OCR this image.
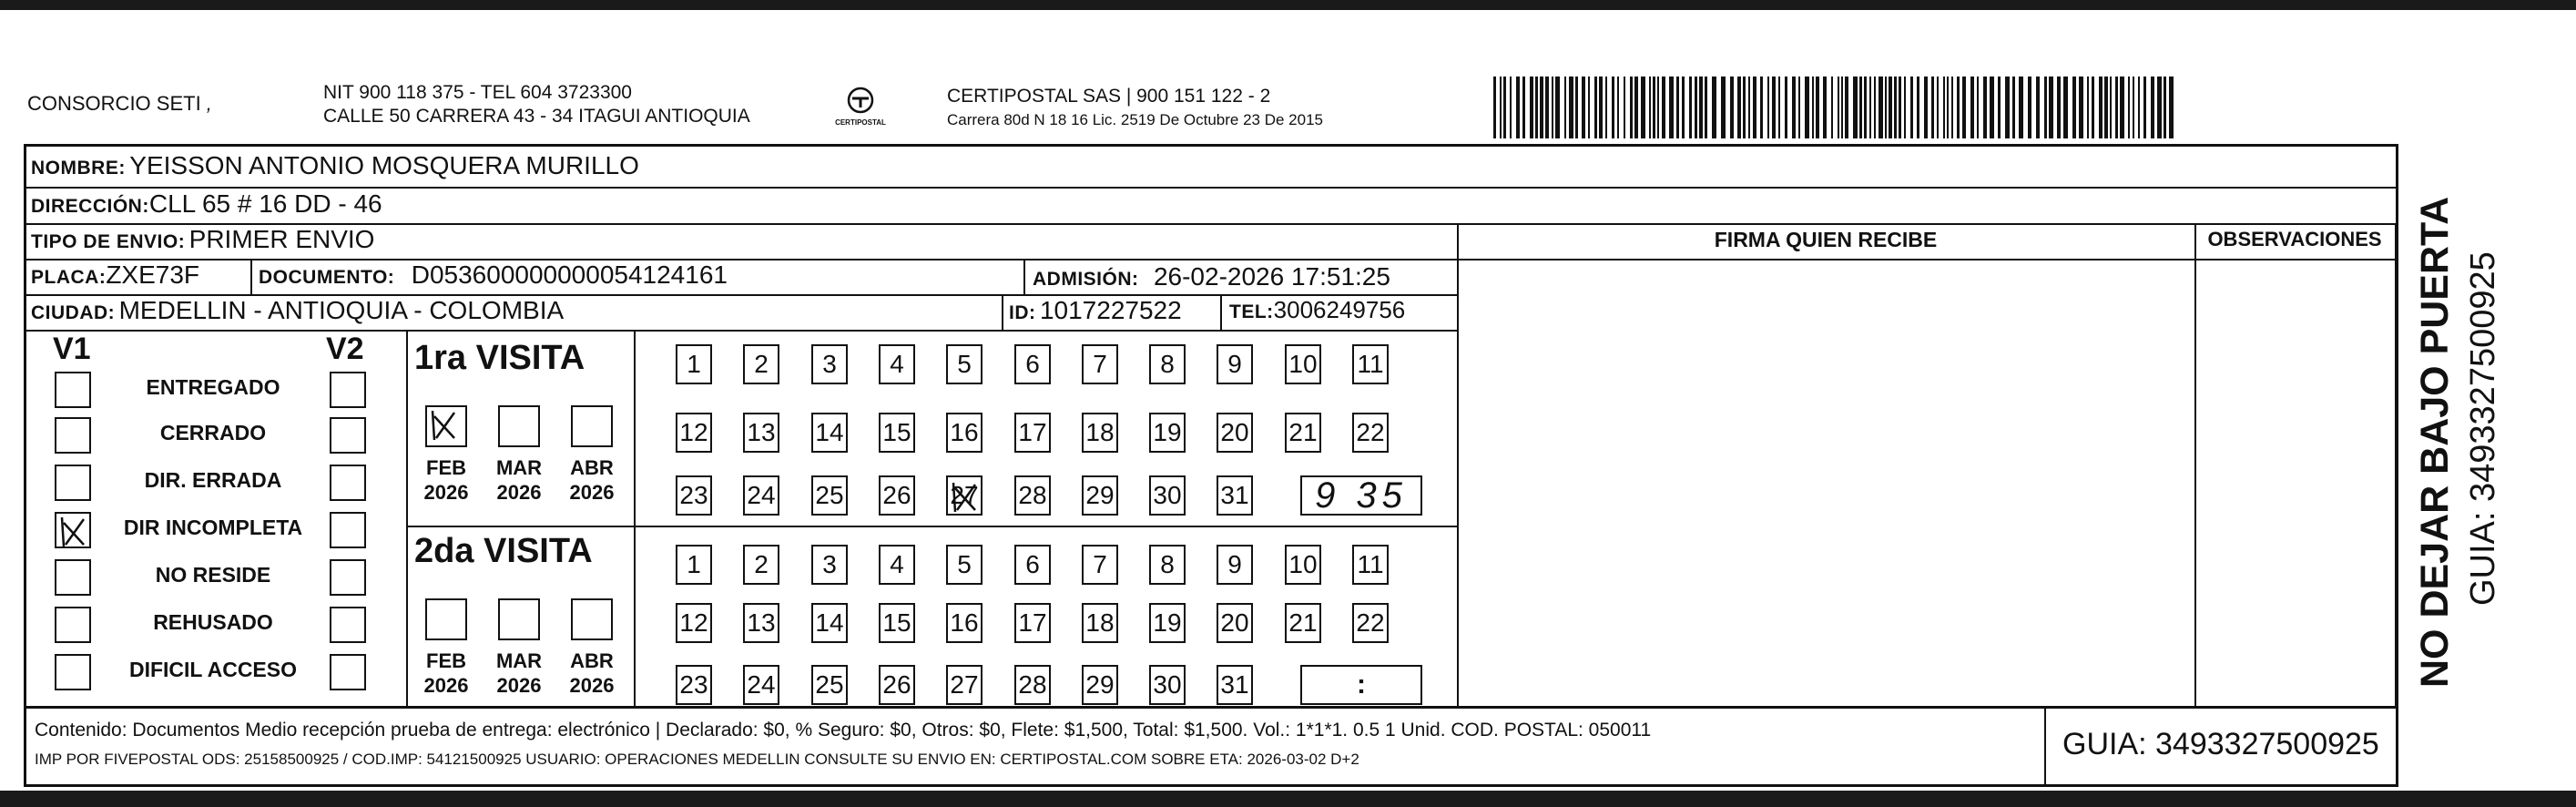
CONSORCIO SETI ,	NIT 900 118 375 - TEL 604 3723300
CALLE 50 CARRERA 43 - 34 ITAGUI ANTIOQUIA	CERTIPOSTAL
CERTIPOSTAL SAS | 900 151 122 - 2
Carrera 80d N 18 16 Lic. 2519 De Octubre 23 De 2015
NOMBRE: YEISSON ANTONIO MOSQUERA MURILLO
DIRECCIÓN:CLL 65 # 16 DD - 46
TIPO DE ENVIO: PRIMER ENVIO
PLACA:ZXE73F	DOCUMENTO: D053600000000054124161	ADMISIÓN: 26-02-2026 17:51:25
CIUDAD: MEDELLIN - ANTIOQUIA - COLOMBIA	ID: 1017227522 TEL:3006249756
FIRMA QUIEN RECIBE	OBSERVACIONES
V1	V2
ENTREGADO
CERRADO
DIR. ERRADA
DIR INCOMPLETA
NO RESIDE
REHUSADO
DIFICIL ACCESO
1ra VISITA
2da VISITA
FEB
2026
MAR
2026
ABR
2026
FEB
2026
MAR
2026
ABR
2026
1	2	3	4	5	6	7	8	9	10 11
12 13 14 15 16 17 18 19 20 21 22
23 24 25 26 27 28 29 30 31	9 35
1	2	3	4	5	6	7	8	9	10 11
12 13 14 15 16 17 18 19 20 21 22
23 24 25 26 27 28 29 30 31	:
Contenido: Documentos Medio recepción prueba de entrega: electrónico | Declarado: $0, % Seguro: $0, Otros: $0, Flete: $1,500, Total: $1,500. Vol.: 1*1*1. 0.5 1 Unid. COD. POSTAL: 050011
IMP POR FIVEPOSTAL ODS: 25158500925 / COD.IMP: 54121500925 USUARIO: OPERACIONES MEDELLIN CONSULTE SU ENVIO EN: CERTIPOSTAL.COM SOBRE ETA: 2026-03-02 D+2	GUIA: 3493327500925
NO DEJAR BAJO PUERTA GUIA: 3493327500925
